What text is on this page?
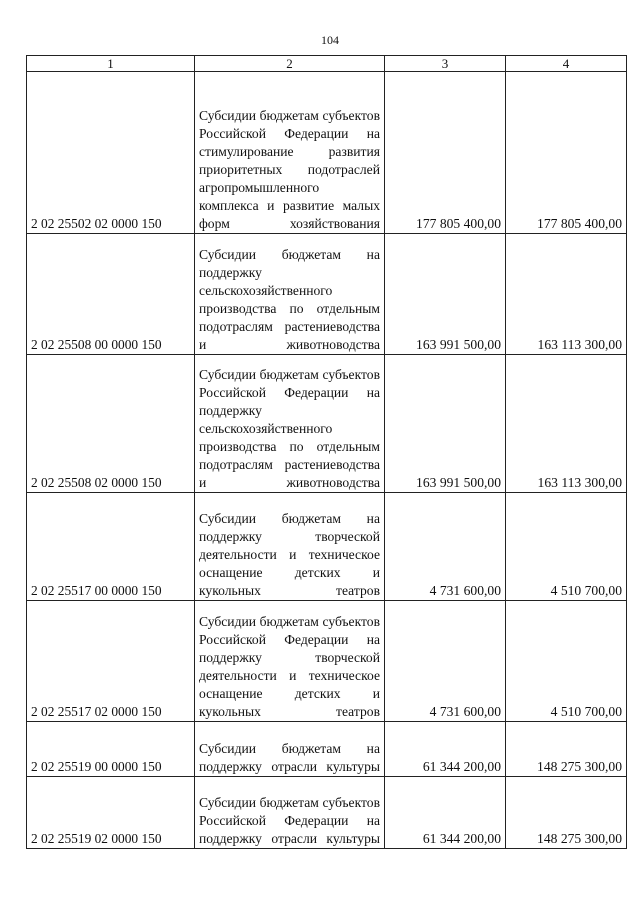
104
1	2	3	4
2 02 25502 02 0000 150	Субсидии бюджетам субъектов Российской Федерации на стимулирование развития приоритетных подотраслей агропромышленного комплекса и развитие малых форм хозяйствования	177 805 400,00	177 805 400,00
2 02 25508 00 0000 150	Субсидии бюджетам на поддержку сельскохозяйственного производства по отдельным подотраслям растениеводства и животноводства	163 991 500,00	163 113 300,00
2 02 25508 02 0000 150	Субсидии бюджетам субъектов Российской Федерации на поддержку сельскохозяйственного производства по отдельным подотраслям растениеводства и животноводства	163 991 500,00	163 113 300,00
2 02 25517 00 0000 150	Субсидии бюджетам на поддержку творческой деятельности и техническое оснащение детских и кукольных театров	4 731 600,00	4 510 700,00
2 02 25517 02 0000 150	Субсидии бюджетам субъектов Российской Федерации на поддержку творческой деятельности и техническое оснащение детских и кукольных театров	4 731 600,00	4 510 700,00
2 02 25519 00 0000 150	Субсидии бюджетам на поддержку отрасли культуры	61 344 200,00	148 275 300,00
2 02 25519 02 0000 150	Субсидии бюджетам субъектов Российской Федерации на поддержку отрасли культуры	61 344 200,00	148 275 300,00
